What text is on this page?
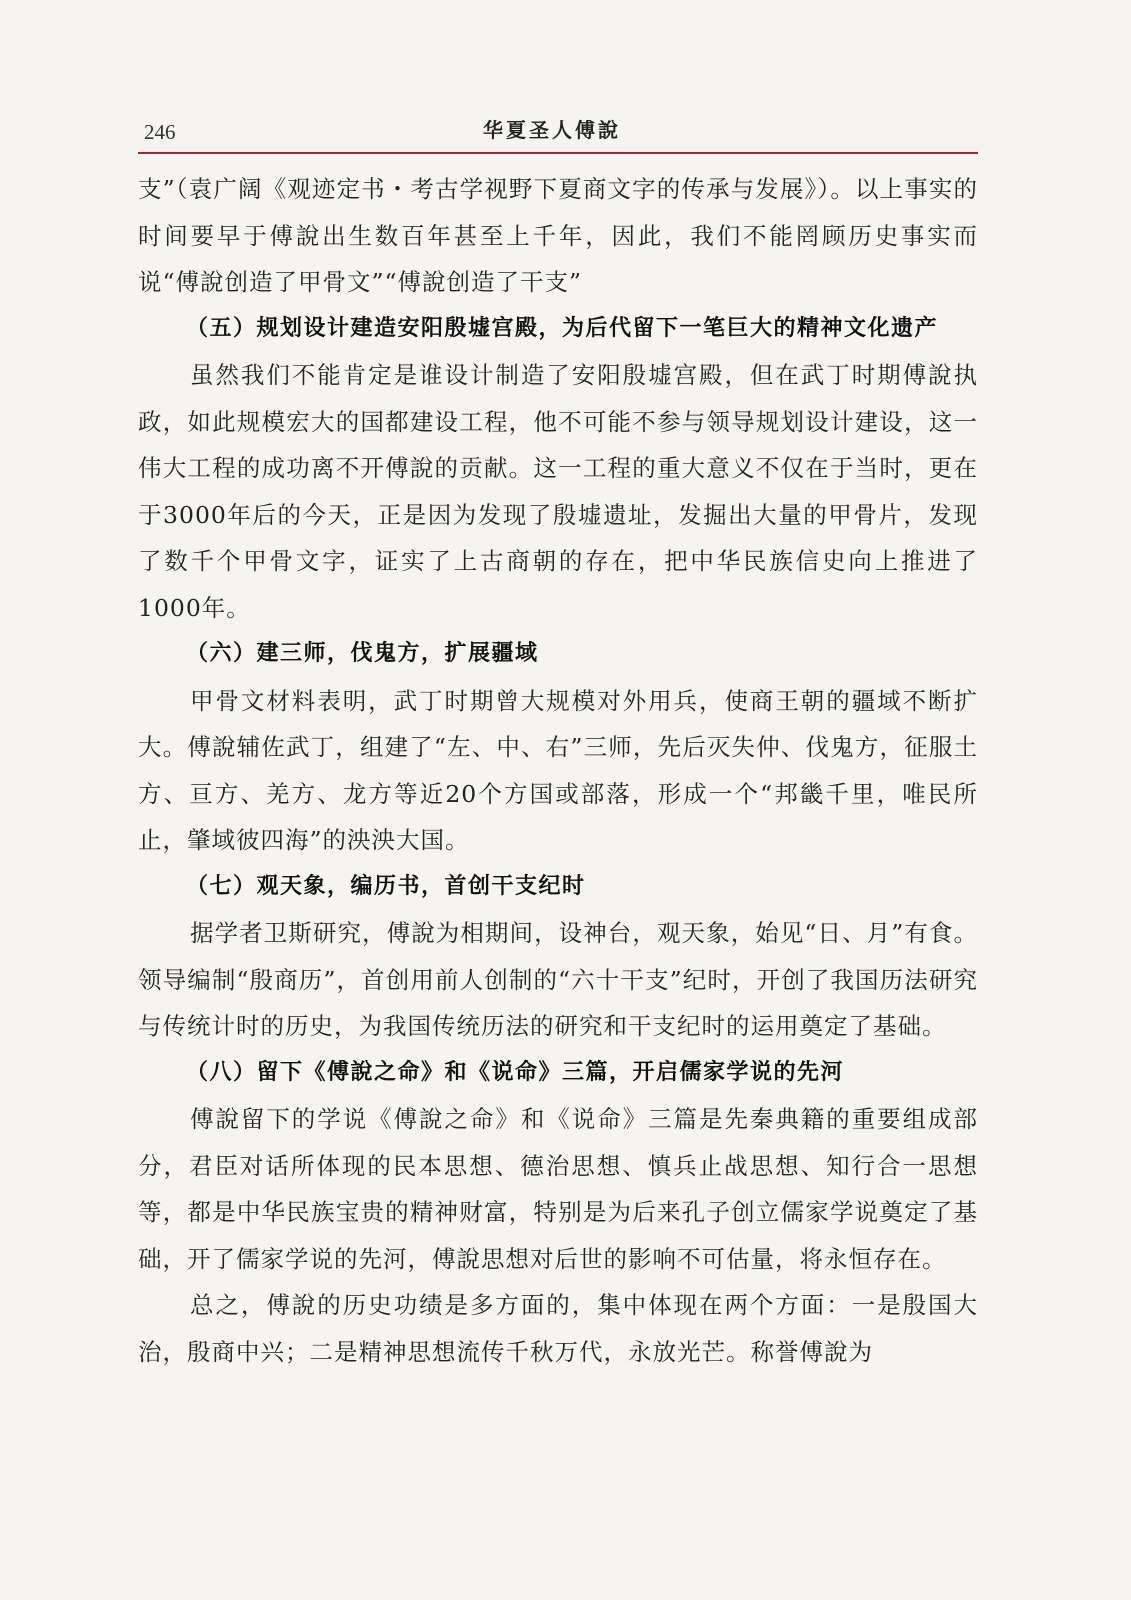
246	华夏圣人傅說

支”（袁广阔《观迹定书・考古学视野下夏商文字的传承与发展》）。以上事实的时间要早于傅說出生数百年甚至上千年，因此，我们不能罔顾历史事实而说“傅說创造了甲骨文”“傅說创造了干支”

（五）规划设计建造安阳殷墟宫殿，为后代留下一笔巨大的精神文化遗产

虽然我们不能肯定是谁设计制造了安阳殷墟宫殿，但在武丁时期傅說执政，如此规模宏大的国都建设工程，他不可能不参与领导规划设计建设，这一伟大工程的成功离不开傅說的贡献。这一工程的重大意义不仅在于当时，更在于3000年后的今天，正是因为发现了殷墟遗址，发掘出大量的甲骨片，发现了数千个甲骨文字，证实了上古商朝的存在，把中华民族信史向上推进了1000年。

（六）建三师，伐鬼方，扩展疆域

甲骨文材料表明，武丁时期曾大规模对外用兵，使商王朝的疆域不断扩大。傅說辅佐武丁，组建了“左、中、右”三师，先后灭失仲、伐鬼方，征服土方、亘方、羌方、龙方等近20个方国或部落，形成一个“邦畿千里，唯民所止，肇域彼四海”的泱泱大国。

（七）观天象，编历书，首创干支纪时

据学者卫斯研究，傅說为相期间，设神台，观天象，始见“日、月”有食。领导编制“殷商历”，首创用前人创制的“六十干支”纪时，开创了我国历法研究与传统计时的历史，为我国传统历法的研究和干支纪时的运用奠定了基础。

（八）留下《傅說之命》和《说命》三篇，开启儒家学说的先河

傅說留下的学说《傅說之命》和《说命》三篇是先秦典籍的重要组成部分，君臣对话所体现的民本思想、德治思想、慎兵止战思想、知行合一思想等，都是中华民族宝贵的精神财富，特别是为后来孔子创立儒家学说奠定了基础，开了儒家学说的先河，傅說思想对后世的影响不可估量，将永恒存在。

总之，傅說的历史功绩是多方面的，集中体现在两个方面：一是殷国大治，殷商中兴；二是精神思想流传千秋万代，永放光芒。称誉傅說为
